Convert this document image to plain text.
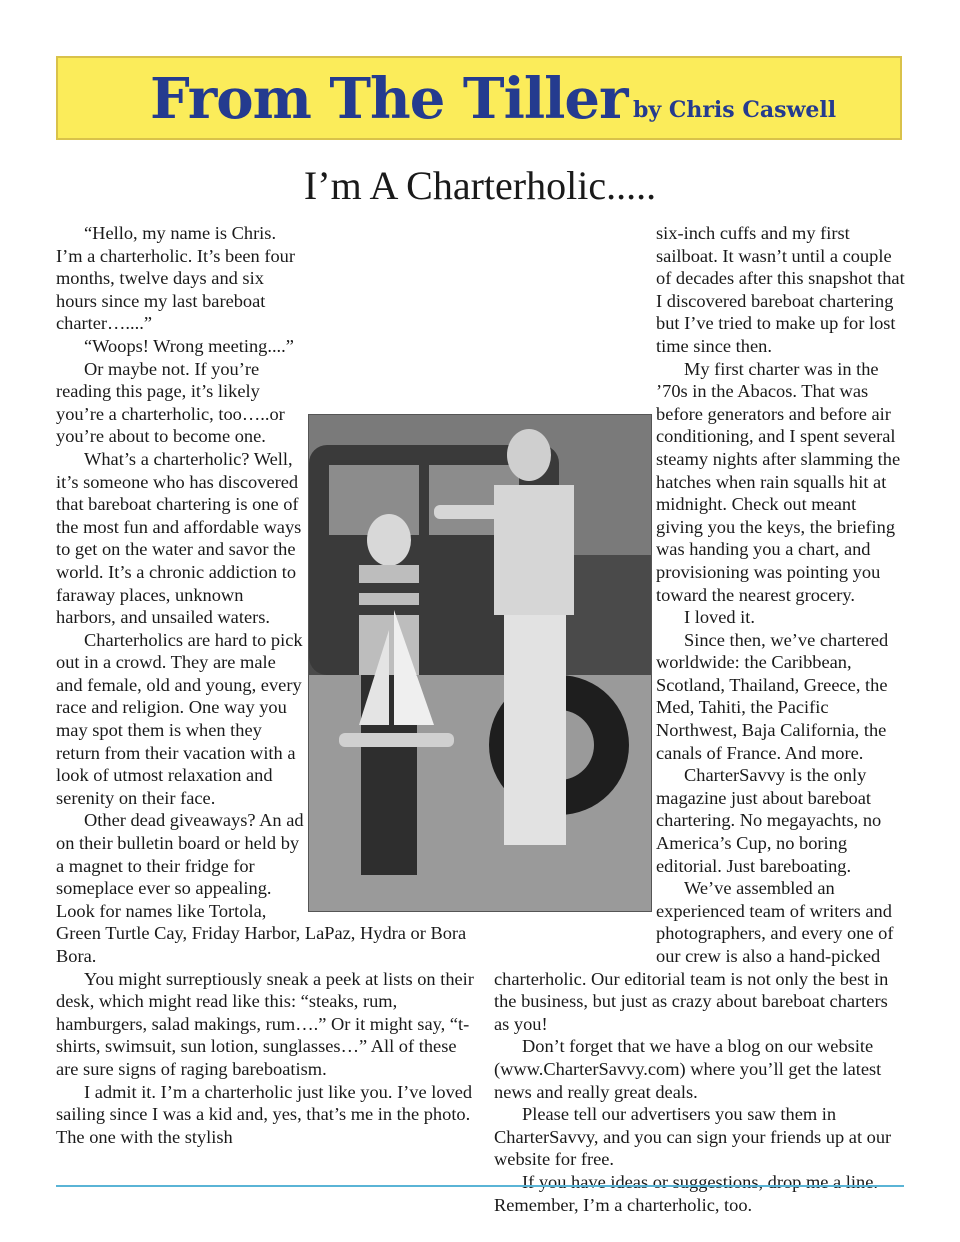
From The Tiller by Chris Caswell
I’m A Charterholic.....

“Hello, my name is Chris. I’m a charterholic. It’s been four months, twelve days and six hours since my last bareboat charter…....”

“Woops! Wrong meeting....”

Or maybe not. If you’re reading this page, it’s likely you’re a charterholic, too…..or you’re about to become one.

What’s a charterholic? Well, it’s someone who has discovered that bareboat chartering is one of the most fun and affordable ways to get on the water and savor the world. It’s a chronic addiction to faraway places, unknown harbors, and unsailed waters.

Charterholics are hard to pick out in a crowd. They are male and female, old and young, every race and religion. One way you may spot them is when they return from their vacation with a look of utmost relaxation and serenity on their face.

Other dead giveaways? An ad on their bulletin board or held by a magnet to their fridge for someplace ever so appealing. Look for names like Tortola, Green Turtle Cay, Friday Harbor, LaPaz, Hydra or Bora Bora.

You might surreptiously sneak a peek at lists on their desk, which might read like this: “steaks, rum, hamburgers, salad makings, rum….” Or it might say, “t-shirts, swimsuit, sun lotion, sunglasses…” All of these are sure signs of raging bareboatism.

I admit it. I’m a charterholic just like you. I’ve loved sailing since I was a kid and, yes, that’s me in the photo. The one with the stylish

six-inch cuffs and my first sailboat. It wasn’t until a couple of decades after this snapshot that I discovered bareboat chartering but I’ve tried to make up for lost time since then.

My first charter was in the ’70s in the Abacos. That was before generators and before air conditioning, and I spent several steamy nights after slamming the hatches when rain squalls hit at midnight. Check out meant giving you the keys, the briefing was handing you a chart, and provisioning was pointing you toward the nearest grocery.

I loved it.

Since then, we’ve chartered worldwide: the Caribbean, Scotland, Thailand, Greece, the Med, Tahiti, the Pacific Northwest, Baja California, the canals of France. And more.

CharterSavvy is the only magazine just about bareboat chartering. No megayachts, no America’s Cup, no boring editorial. Just bareboating.

We’ve assembled an experienced team of writers and photographers, and every one of our crew is also a hand-picked charterholic. Our editorial team is not only the best in the business, but just as crazy about bareboat charters as you!

Don’t forget that we have a blog on our website (www.CharterSavvy.com) where you’ll get the latest news and really great deals.

Please tell our advertisers you saw them in CharterSavvy, and you can sign your friends up at our website for free.

If you have ideas or suggestions, drop me a line. Remember, I’m a charterholic, too.
